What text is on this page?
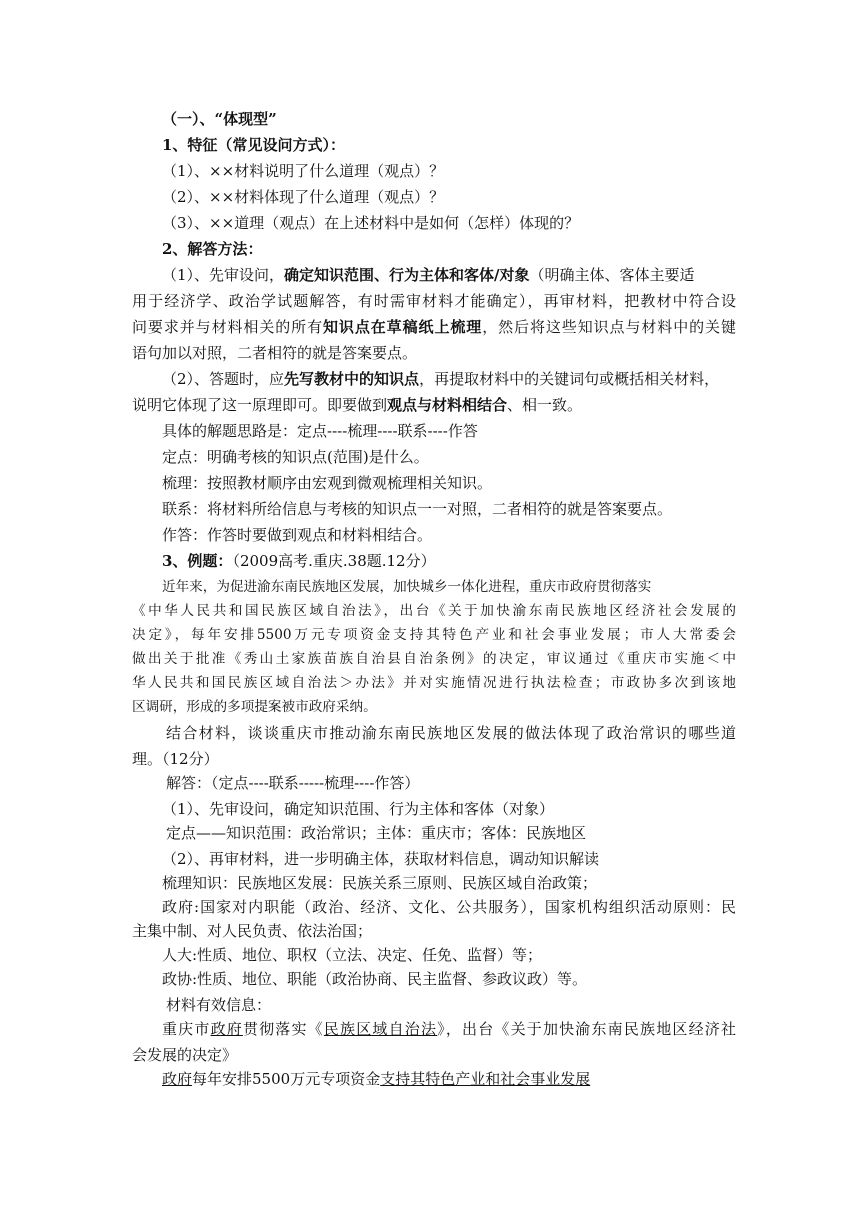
（一）、“体现型”
1、特征（常见设问方式）：
（1）、××材料说明了什么道理（观点）？
（2）、××材料体现了什么道理（观点）？
（3）、××道理（观点）在上述材料中是如何（怎样）体现的？
2、解答方法：
（1）、先审设问，确定知识范围、行为主体和客体/对象（明确主体、客体主要适
用于经济学、政治学试题解答，有时需审材料才能确定），再审材料，把教材中符合设
问要求并与材料相关的所有知识点在草稿纸上梳理，然后将这些知识点与材料中的关键
语句加以对照，二者相符的就是答案要点。
（2）、答题时，应先写教材中的知识点，再提取材料中的关键词句或概括相关材料，
说明它体现了这一原理即可。即要做到观点与材料相结合、相一致。
具体的解题思路是：定点----梳理----联系----作答
定点：明确考核的知识点(范围)是什么。
梳理：按照教材顺序由宏观到微观梳理相关知识。
联系：将材料所给信息与考核的知识点一一对照，二者相符的就是答案要点。
作答：作答时要做到观点和材料相结合。
3、例题：（2009高考.重庆.38题.12分）
近年来，为促进渝东南民族地区发展，加快城乡一体化进程，重庆市政府贯彻落实
《中华人民共和国民族区域自治法》，出台《关于加快渝东南民族地区经济社会发展的
决定》，每年安排5500万元专项资金支持其特色产业和社会事业发展；市人大常委会
做出关于批准《秀山土家族苗族自治县自治条例》的决定，审议通过《重庆市实施＜中
华人民共和国民族区域自治法＞办法》并对实施情况进行执法检查；市政协多次到该地
区调研，形成的多项提案被市政府采纳。
结合材料，谈谈重庆市推动渝东南民族地区发展的做法体现了政治常识的哪些道
理。（12分）
解答：（定点----联系-----梳理----作答）
（1）、先审设问，确定知识范围、行为主体和客体（对象）
定点——知识范围：政治常识；主体：重庆市；客体：民族地区
（2）、再审材料，进一步明确主体，获取材料信息，调动知识解读
梳理知识：民族地区发展：民族关系三原则、民族区域自治政策；
政府:国家对内职能（政治、经济、文化、公共服务），国家机构组织活动原则：民
主集中制、对人民负责、依法治国；
人大:性质、地位、职权（立法、决定、任免、监督）等；
政协:性质、地位、职能（政治协商、民主监督、参政议政）等。
材料有效信息：
重庆市政府贯彻落实《民族区域自治法》，出台《关于加快渝东南民族地区经济社
会发展的决定》
政府每年安排5500万元专项资金支持其特色产业和社会事业发展
